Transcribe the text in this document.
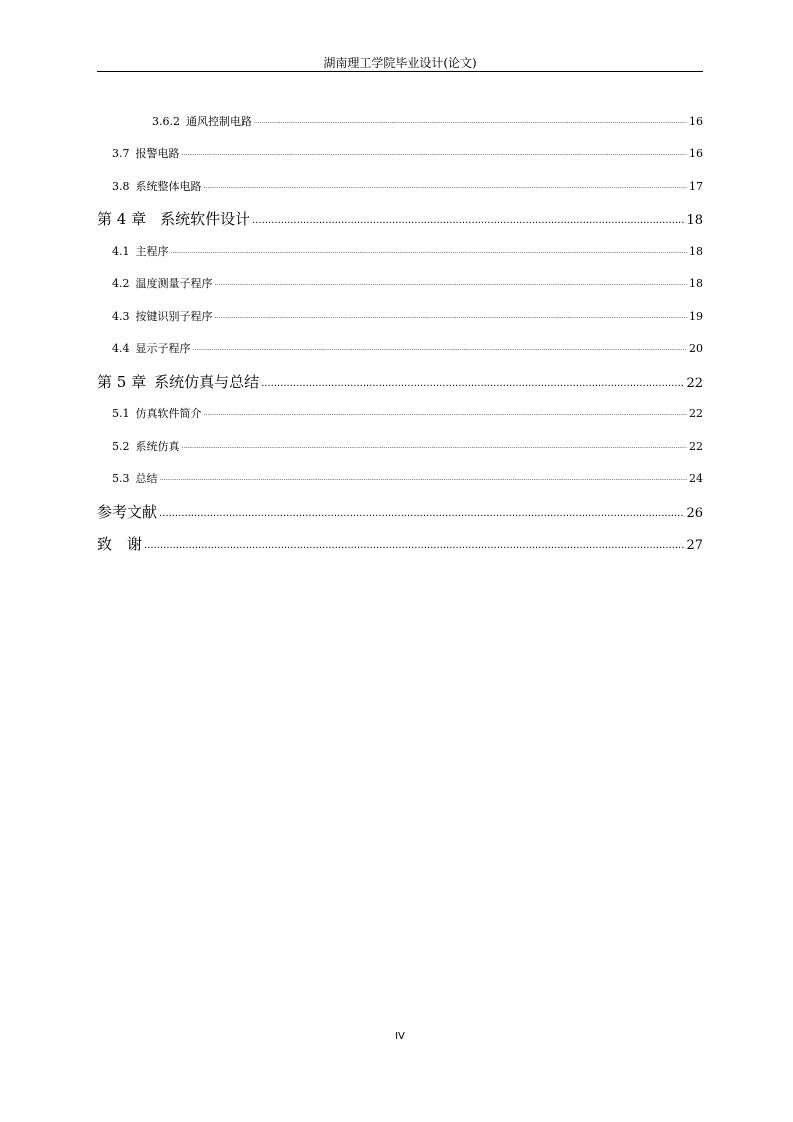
湖南理工学院毕业设计(论文)
3.6.2 通风控制电路 .....	16
3.7 报警电路 .....	16
3.8 系统整体电路 .....	17
第 4 章 系统软件设计 .....	18
4.1 主程序 .....	18
4.2 温度测量子程序 .....	18
4.3 按键识别子程序 .....	19
4.4 显示子程序 .....	20
第 5 章 系统仿真与总结 .....	22
5.1 仿真软件简介 .....	22
5.2 系统仿真 .....	22
5.3 总结 .....	24
参考文献 .....	26
致　谢 .....	27
IV
